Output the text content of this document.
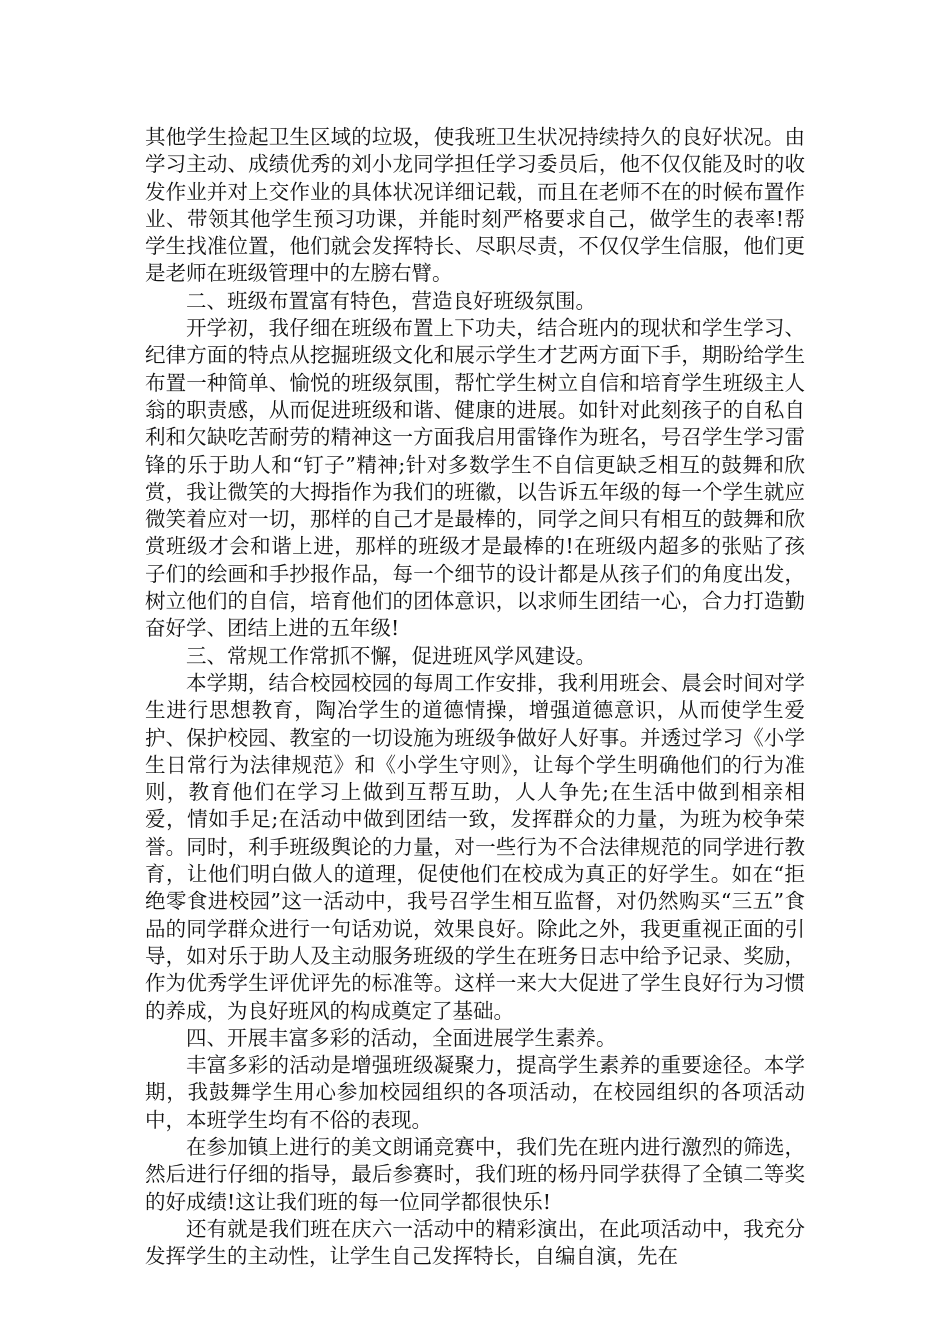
其他学生捡起卫生区域的垃圾，使我班卫生状况持续持久的良好状况。由学习主动、成绩优秀的刘小龙同学担任学习委员后，他不仅仅能及时的收发作业并对上交作业的具体状况详细记载，而且在老师不在的时候布置作业、带领其他学生预习功课，并能时刻严格要求自己，做学生的表率!帮学生找准位置，他们就会发挥特长、尽职尽责，不仅仅学生信服，他们更是老师在班级管理中的左膀右臂。

二、班级布置富有特色，营造良好班级氛围。

开学初，我仔细在班级布置上下功夫，结合班内的现状和学生学习、纪律方面的特点从挖掘班级文化和展示学生才艺两方面下手，期盼给学生布置一种简单、愉悦的班级氛围，帮忙学生树立自信和培育学生班级主人翁的职责感，从而促进班级和谐、健康的进展。如针对此刻孩子的自私自利和欠缺吃苦耐劳的精神这一方面我启用雷锋作为班名，号召学生学习雷锋的乐于助人和“钉子”精神;针对多数学生不自信更缺乏相互的鼓舞和欣赏，我让微笑的大拇指作为我们的班徽，以告诉五年级的每一个学生就应微笑着应对一切，那样的自己才是最棒的，同学之间只有相互的鼓舞和欣赏班级才会和谐上进，那样的班级才是最棒的!在班级内超多的张贴了孩子们的绘画和手抄报作品，每一个细节的设计都是从孩子们的角度出发，树立他们的自信，培育他们的团体意识，以求师生团结一心，合力打造勤奋好学、团结上进的五年级!

三、常规工作常抓不懈，促进班风学风建设。

本学期，结合校园校园的每周工作安排，我利用班会、晨会时间对学生进行思想教育，陶冶学生的道德情操，增强道德意识，从而使学生爱护、保护校园、教室的一切设施为班级争做好人好事。并透过学习《小学生日常行为法律规范》和《小学生守则》，让每个学生明确他们的行为准则，教育他们在学习上做到互帮互助，人人争先;在生活中做到相亲相爱，情如手足;在活动中做到团结一致，发挥群众的力量，为班为校争荣誉。同时，利手班级舆论的力量，对一些行为不合法律规范的同学进行教育，让他们明白做人的道理，促使他们在校成为真正的好学生。如在“拒绝零食进校园”这一活动中，我号召学生相互监督，对仍然购买“三五”食品的同学群众进行一句话劝说，效果良好。除此之外，我更重视正面的引导，如对乐于助人及主动服务班级的学生在班务日志中给予记录、奖励，作为优秀学生评优评先的标准等。这样一来大大促进了学生良好行为习惯的养成，为良好班风的构成奠定了基础。

四、开展丰富多彩的活动，全面进展学生素养。

丰富多彩的活动是增强班级凝聚力，提高学生素养的重要途径。本学期，我鼓舞学生用心参加校园组织的各项活动，在校园组织的各项活动中，本班学生均有不俗的表现。

在参加镇上进行的美文朗诵竞赛中，我们先在班内进行激烈的筛选，然后进行仔细的指导，最后参赛时，我们班的杨丹同学获得了全镇二等奖的好成绩!这让我们班的每一位同学都很快乐!

还有就是我们班在庆六一活动中的精彩演出，在此项活动中，我充分发挥学生的主动性，让学生自己发挥特长，自编自演，先在
